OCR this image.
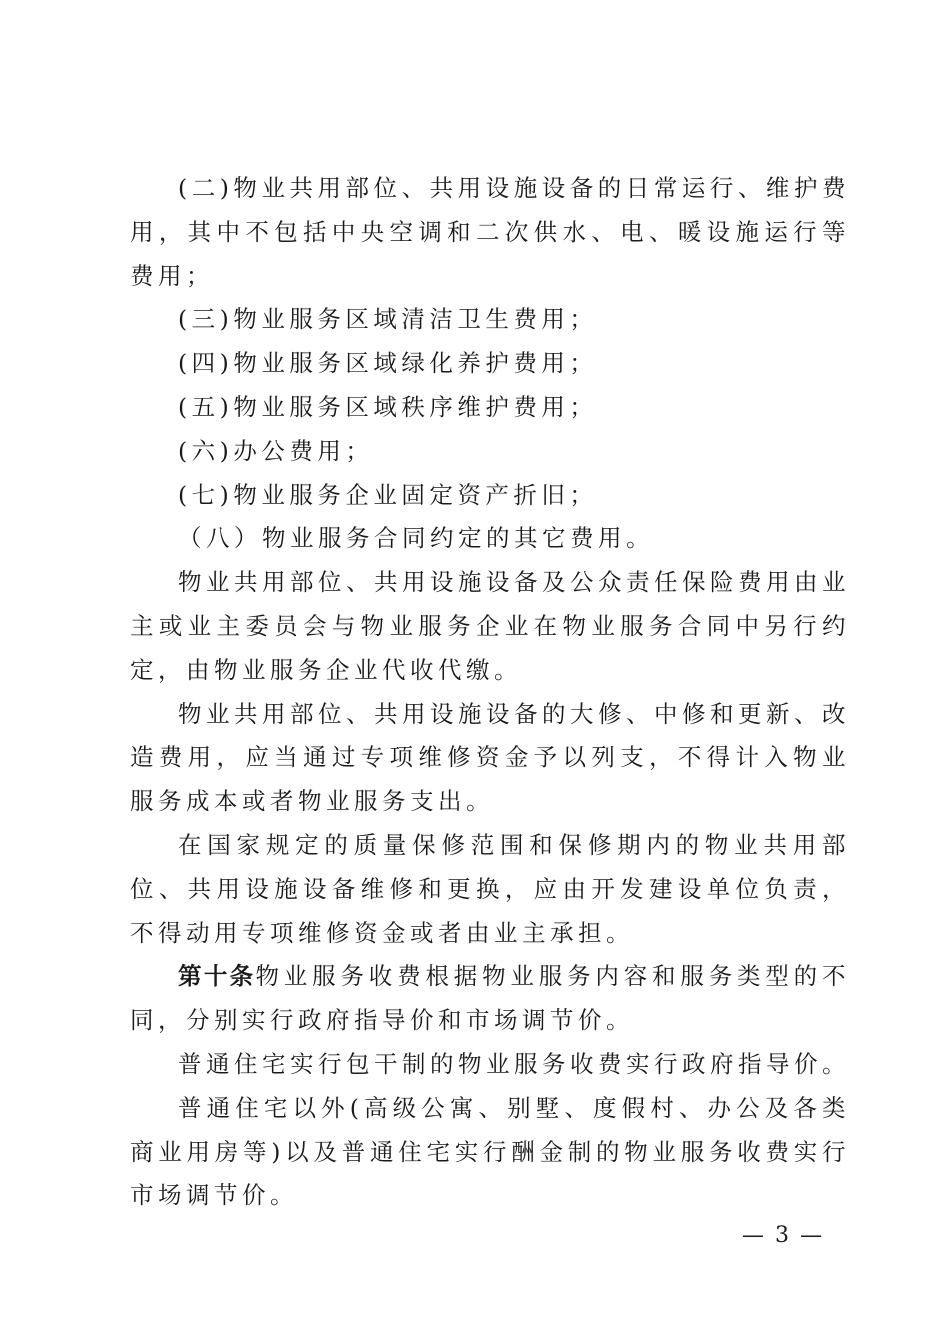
(二)物业共用部位、共用设施设备的日常运行、维护费用，其中不包括中央空调和二次供水、电、暖设施运行等费用；

(三)物业服务区域清洁卫生费用；

(四)物业服务区域绿化养护费用；

(五)物业服务区域秩序维护费用；

(六)办公费用；

(七)物业服务企业固定资产折旧；

（八）物业服务合同约定的其它费用。

物业共用部位、共用设施设备及公众责任保险费用由业主或业主委员会与物业服务企业在物业服务合同中另行约定，由物业服务企业代收代缴。

物业共用部位、共用设施设备的大修、中修和更新、改造费用，应当通过专项维修资金予以列支，不得计入物业服务成本或者物业服务支出。

在国家规定的质量保修范围和保修期内的物业共用部位、共用设施设备维修和更换，应由开发建设单位负责，不得动用专项维修资金或者由业主承担。

第十条物业服务收费根据物业服务内容和服务类型的不同，分别实行政府指导价和市场调节价。

普通住宅实行包干制的物业服务收费实行政府指导价。

普通住宅以外(高级公寓、别墅、度假村、办公及各类商业用房等)以及普通住宅实行酬金制的物业服务收费实行市场调节价。

— 3 —
